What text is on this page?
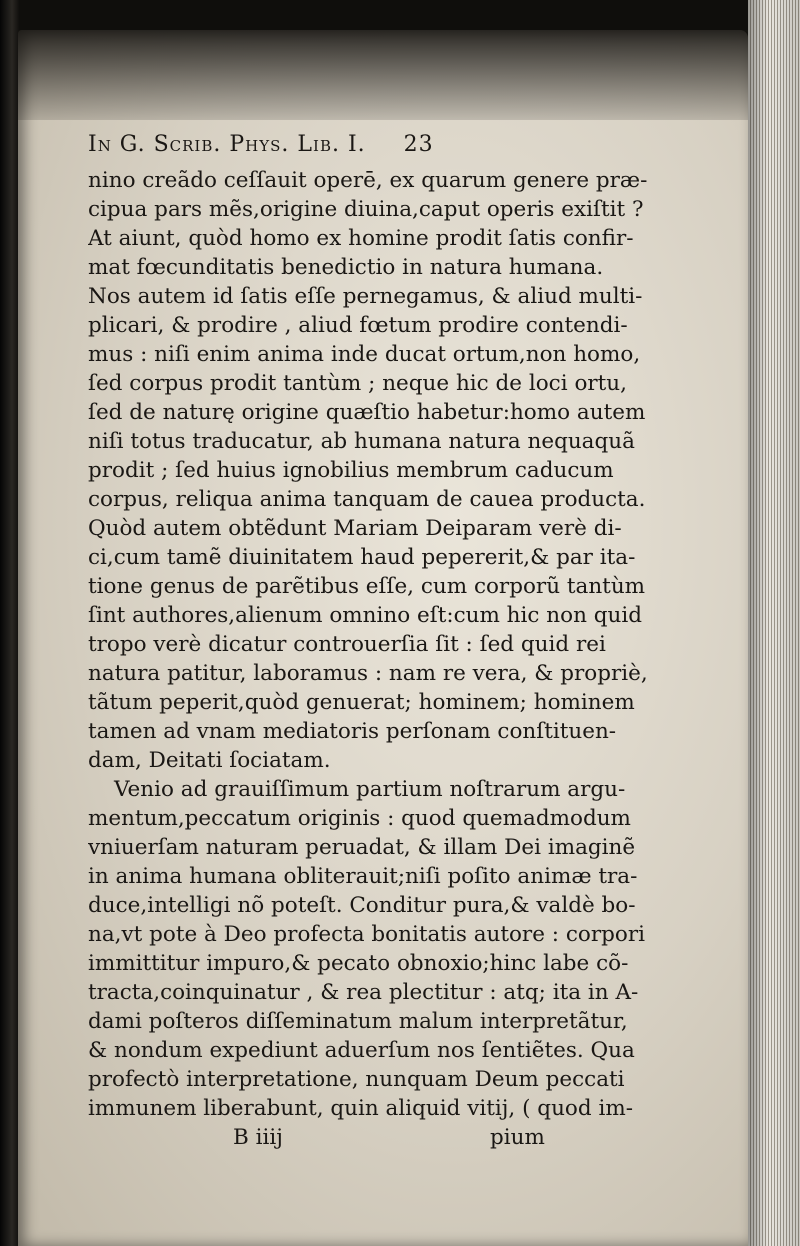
In G. Scrib. Phys. Lib. I. 23
nino creãdo ceſſauit operē, ex quarum genere præ-
cipua pars mẽs,origine diuina,caput operis exiſtit ?
At aiunt, quòd homo ex homine prodit ſatis confir-
mat fœcunditatis benedictio in natura humana.
Nos autem id ſatis eſſe pernegamus, & aliud multi-
plicari, & prodire , aliud fœtum prodire contendi-
mus : niſi enim anima inde ducat ortum,non homo,
ſed corpus prodit tantùm ; neque hic de loci ortu,
ſed de naturę origine quæſtio habetur:homo autem
niſi totus traducatur, ab humana natura nequaquã
prodit ; ſed huius ignobilius membrum caducum
corpus, reliqua anima tanquam de cauea producta.
Quòd autem obtẽdunt Mariam Deiparam verè di-
ci,cum tamẽ diuinitatem haud pepererit,& par ita-
tione genus de parẽtibus eſſe, cum corporũ tantùm
ſint authores,alienum omnino eſt:cum hic non quid
tropo verè dicatur controuerſia ſit : ſed quid rei
natura patitur, laboramus : nam re vera, & propriè,
tãtum peperit,quòd genuerat; hominem; hominem
tamen ad vnam mediatoris perſonam conſtituen-
dam, Deitati ſociatam.
Venio ad grauiſſimum partium noſtrarum argu-
mentum,peccatum originis : quod quemadmodum
vniuerſam naturam peruadat, & illam Dei imaginẽ
in anima humana obliterauit;niſi poſito animæ tra-
duce,intelligi nõ poteſt. Conditur pura,& valdè bo-
na,vt pote à Deo profecta bonitatis autore : corpori
immittitur impuro,& pecato obnoxio;hinc labe cõ-
tracta,coinquinatur , & rea plectitur : atq; ita in A-
dami poſteros diſſeminatum malum interpretãtur,
& nondum expediunt aduerſum nos ſentiẽtes. Qua
profectò interpretatione, nunquam Deum peccati
immunem liberabunt, quin aliquid vitij, ( quod im-
B iiij	pium
